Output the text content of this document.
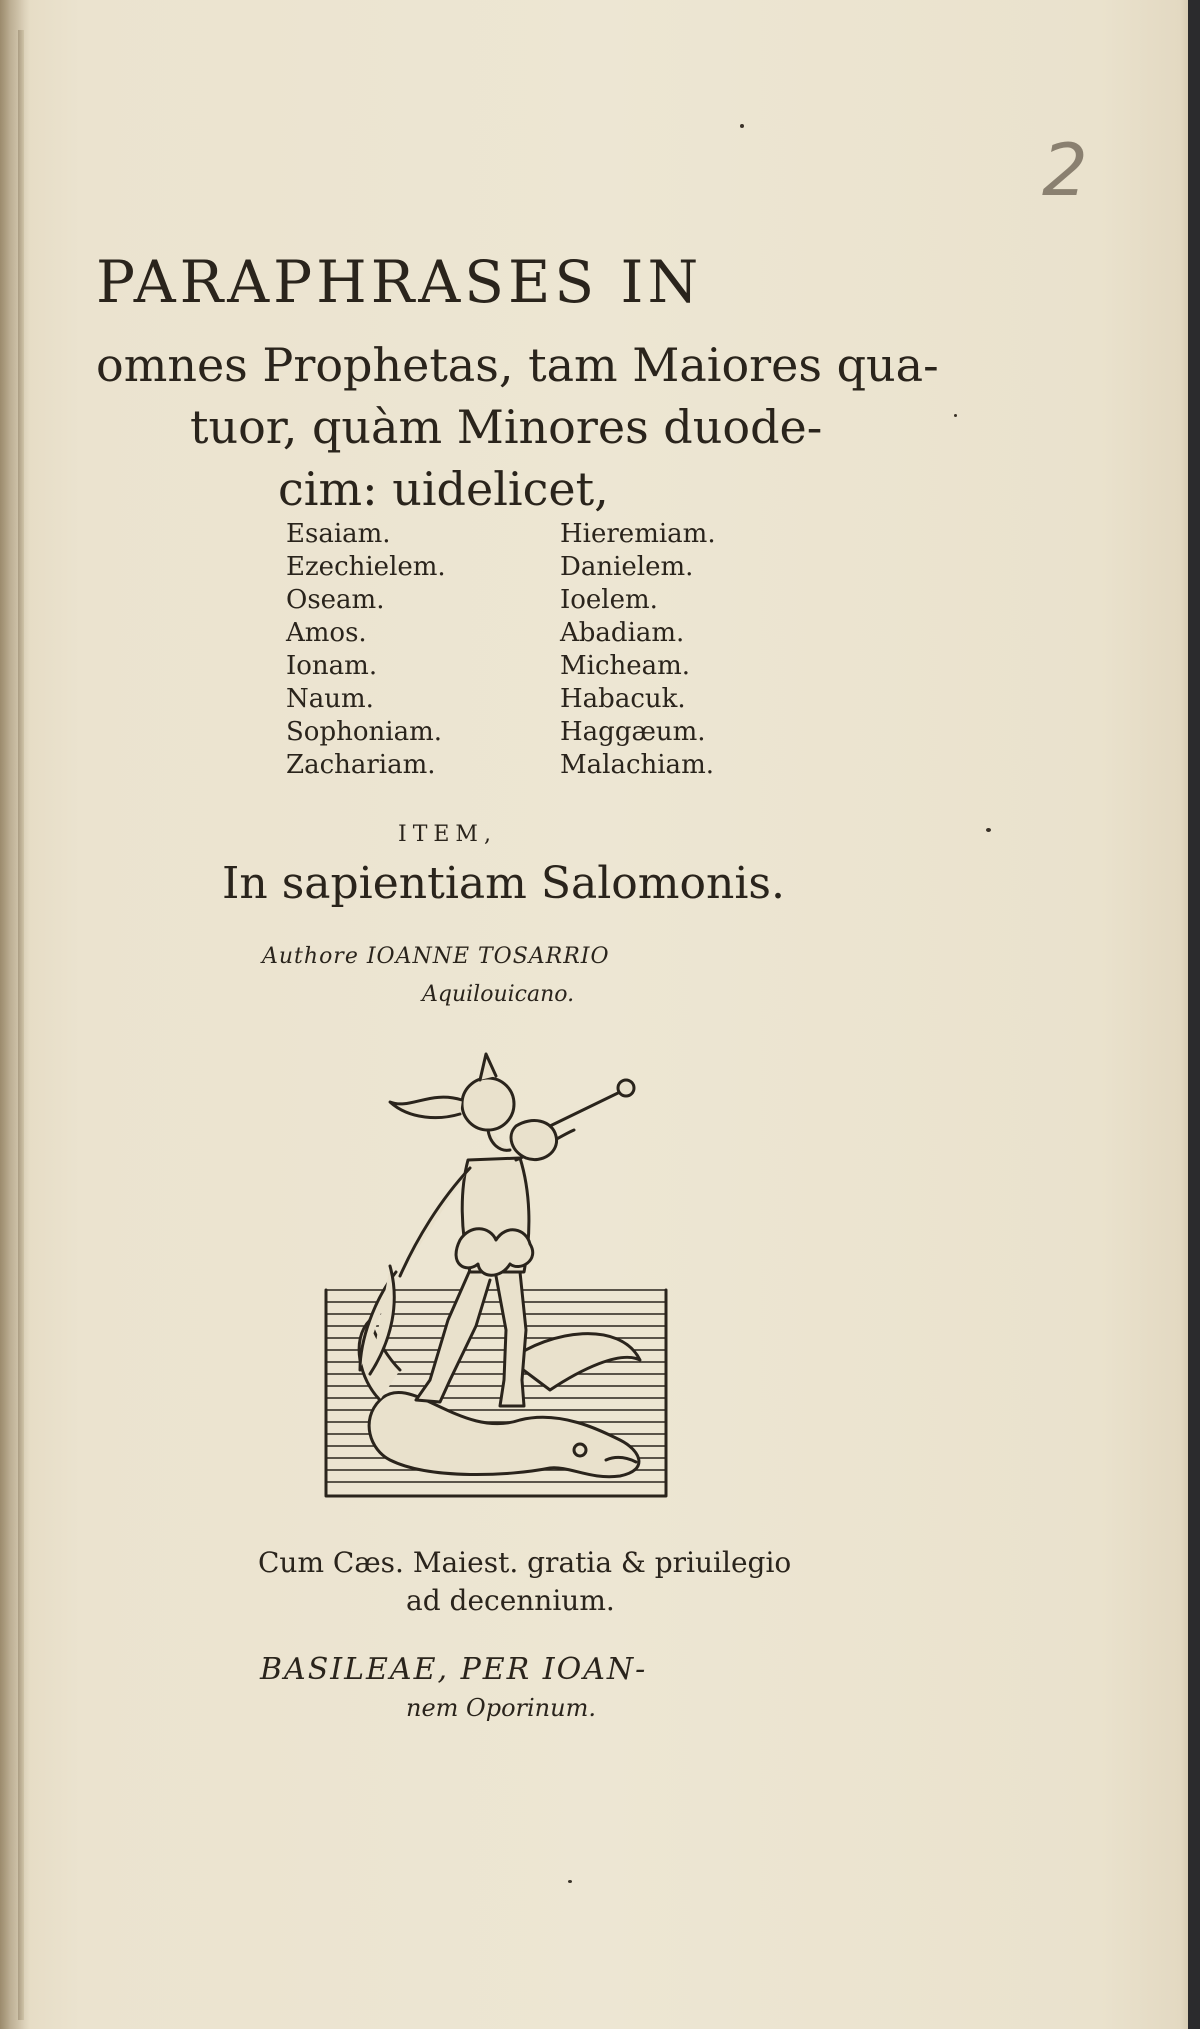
2
PARAPHRASES IN
omnes Prophetas, tam Maiores qua-
tuor, quàm Minores duode-
cim: uidelicet,
Esaiam.
Ezechielem.
Oseam.
Amos.
Ionam.
Naum.
Sophoniam.
Zachariam.
Hieremiam.
Danielem.
Ioelem.
Abadiam.
Micheam.
Habacuk.
Haggæum.
Malachiam.
ITEM,
In sapientiam Salomonis.
Authore IOANNE TOSARRIO
Aquilouicano.
Cum Cæs. Maiest. gratia & priuilegio
ad decennium.
BASILEAE, PER IOAN-
nem Oporinum.
